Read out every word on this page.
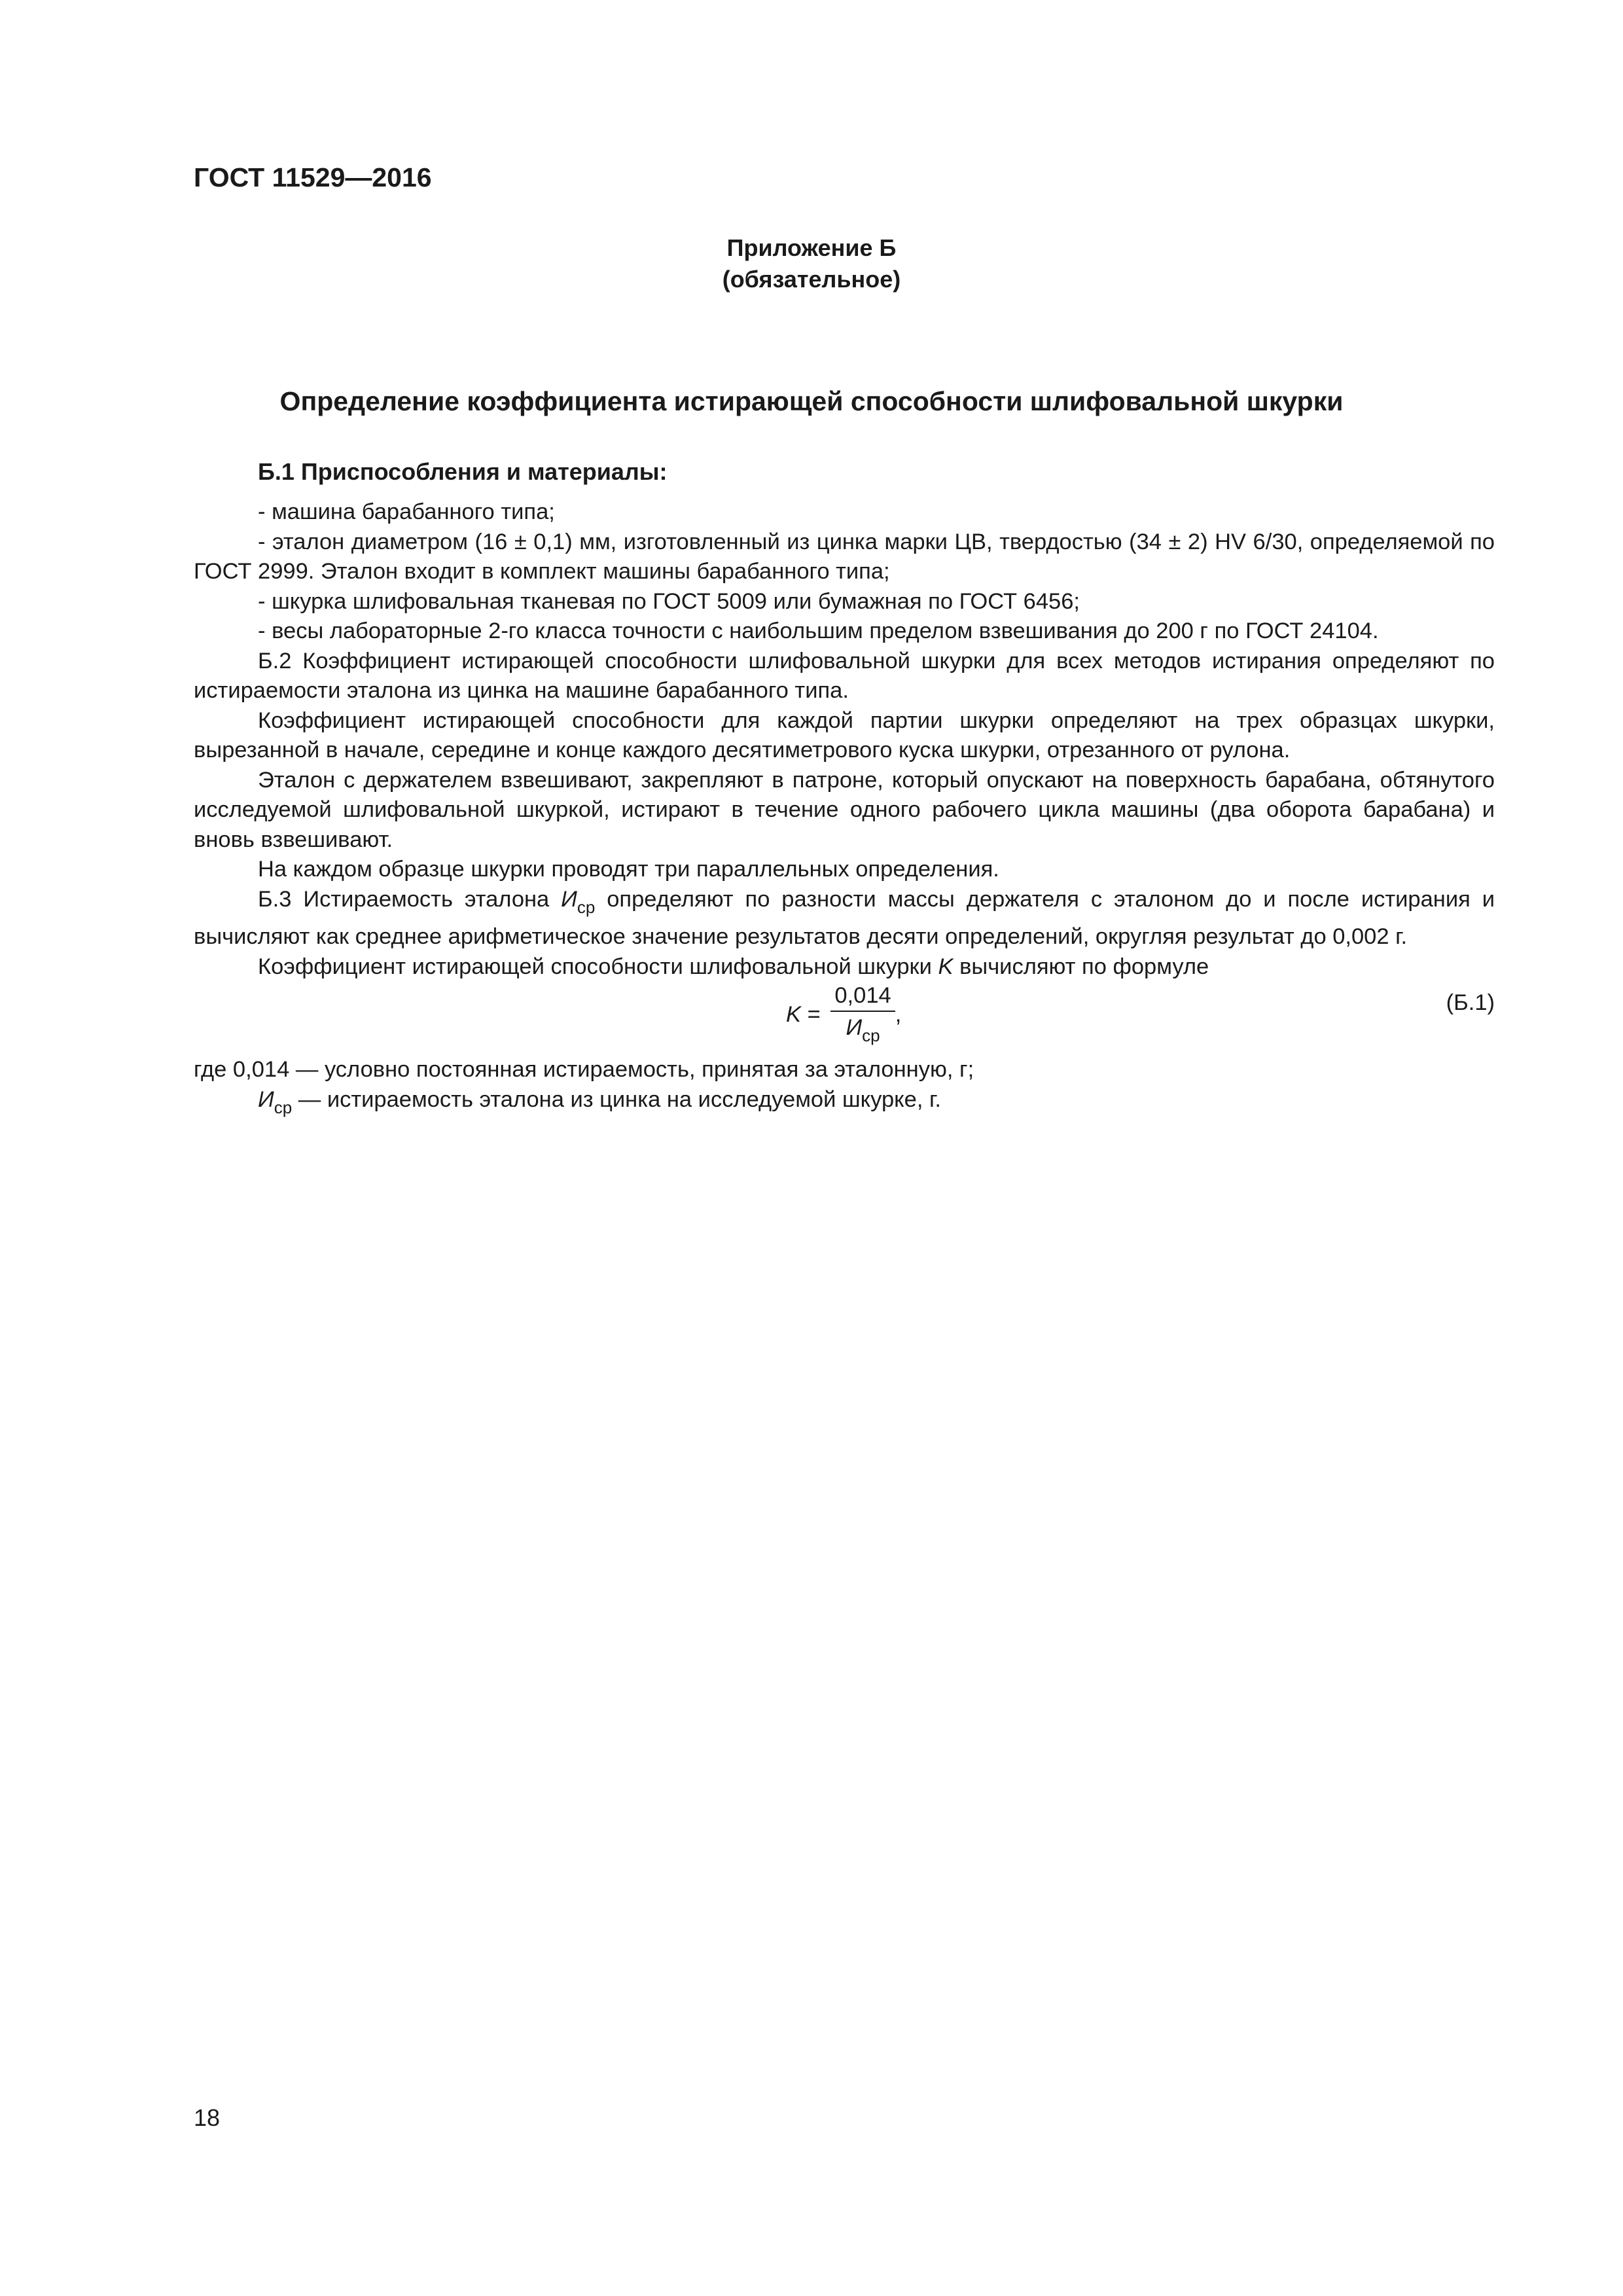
ГОСТ 11529—2016
Приложение Б
(обязательное)
Определение коэффициента истирающей способности шлифовальной шкурки
Б.1 Приспособления и материалы:

- машина барабанного типа;

- эталон диаметром (16 ± 0,1) мм, изготовленный из цинка марки ЦВ, твердостью (34 ± 2) HV 6/30, определяемой по ГОСТ 2999. Эталон входит в комплект машины барабанного типа;

- шкурка шлифовальная тканевая по ГОСТ 5009 или бумажная по ГОСТ 6456;

- весы лабораторные 2-го класса точности с наибольшим пределом взвешивания до 200 г по ГОСТ 24104.

Б.2 Коэффициент истирающей способности шлифовальной шкурки для всех методов истирания определяют по истираемости эталона из цинка на машине барабанного типа.

Коэффициент истирающей способности для каждой партии шкурки определяют на трех образцах шкурки, вырезанной в начале, середине и конце каждого десятиметрового куска шкурки, отрезанного от рулона.

Эталон с держателем взвешивают, закрепляют в патроне, который опускают на поверхность барабана, обтянутого исследуемой шлифовальной шкуркой, истирают в течение одного рабочего цикла машины (два оборота барабана) и вновь взвешивают.

На каждом образце шкурки проводят три параллельных определения.

Б.3 Истираемость эталона $И_{ср}$ определяют по разности массы держателя с эталоном до и после истирания и вычисляют как среднее арифметическое значение результатов десяти определений, округляя результат до 0,002 г.

Коэффициент истирающей способности шлифовальной шкурки K вычисляют по формуле

$K = \frac{0,014}{И_{ср}}$ ,	(Б.1)

где 0,014 — условно постоянная истираемость, принятая за эталонную, г;

$И_{ср}$ — истираемость эталона из цинка на исследуемой шкурке, г.

18
